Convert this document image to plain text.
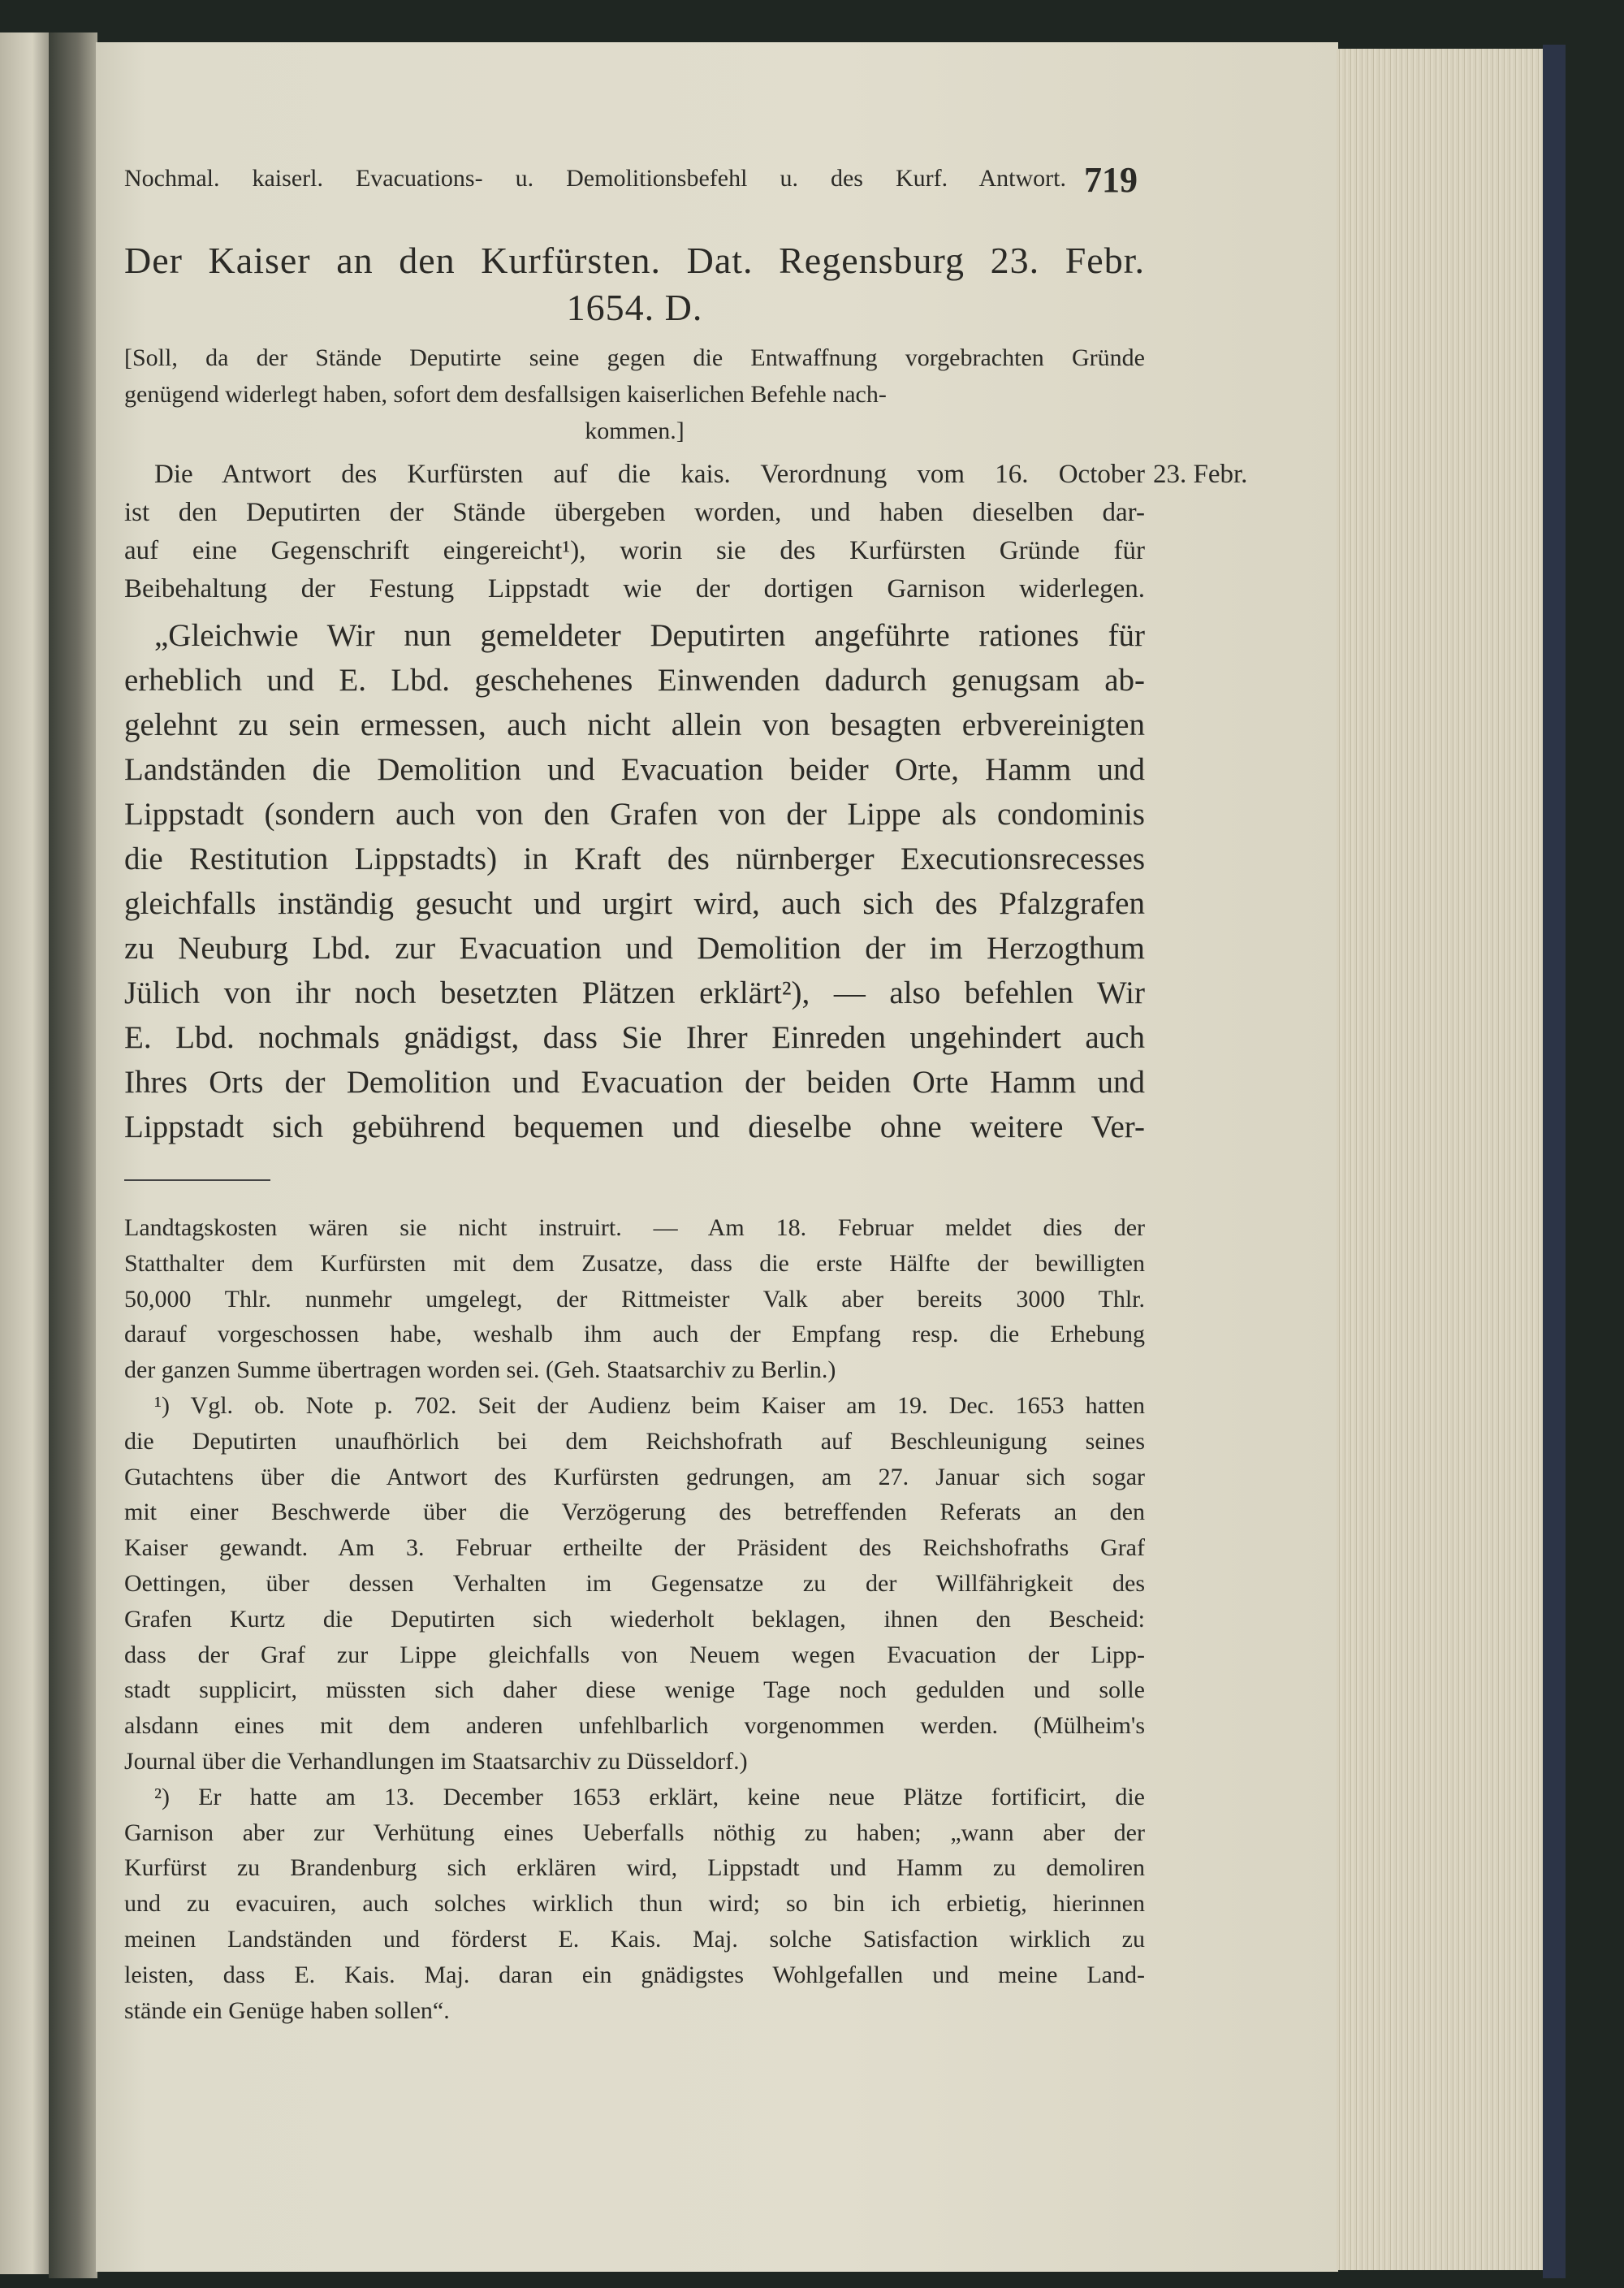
Nochmal. kaiserl. Evacuations- u. Demolitionsbefehl u. des Kurf. Antwort. 719
Der Kaiser an den Kurfürsten. Dat. Regensburg 23. Febr.
1654. D.
[Soll, da der Stände Deputirte seine gegen die Entwaffnung vorgebrachten Gründe
genügend widerlegt haben, sofort dem desfallsigen kaiserlichen Befehle nach-
kommen.]
Die Antwort des Kurfürsten auf die kais. Verordnung vom 16. October
ist den Deputirten der Stände übergeben worden, und haben dieselben dar-
auf eine Gegenschrift eingereicht¹), worin sie des Kurfürsten Gründe für
Beibehaltung der Festung Lippstadt wie der dortigen Garnison widerlegen.
„Gleichwie Wir nun gemeldeter Deputirten angeführte rationes für
erheblich und E. Lbd. geschehenes Einwenden dadurch genugsam ab-
gelehnt zu sein ermessen, auch nicht allein von besagten erbvereinigten
Landständen die Demolition und Evacuation beider Orte, Hamm und
Lippstadt (sondern auch von den Grafen von der Lippe als condominis
die Restitution Lippstadts) in Kraft des nürnberger Executionsrecesses
gleichfalls inständig gesucht und urgirt wird, auch sich des Pfalzgrafen
zu Neuburg Lbd. zur Evacuation und Demolition der im Herzogthum
Jülich von ihr noch besetzten Plätzen erklärt²), — also befehlen Wir
E. Lbd. nochmals gnädigst, dass Sie Ihrer Einreden ungehindert auch
Ihres Orts der Demolition und Evacuation der beiden Orte Hamm und
Lippstadt sich gebührend bequemen und dieselbe ohne weitere Ver-
Landtagskosten wären sie nicht instruirt. — Am 18. Februar meldet dies der
Statthalter dem Kurfürsten mit dem Zusatze, dass die erste Hälfte der bewilligten
50,000 Thlr. nunmehr umgelegt, der Rittmeister Valk aber bereits 3000 Thlr.
darauf vorgeschossen habe, weshalb ihm auch der Empfang resp. die Erhebung
der ganzen Summe übertragen worden sei. (Geh. Staatsarchiv zu Berlin.)
¹) Vgl. ob. Note p. 702. Seit der Audienz beim Kaiser am 19. Dec. 1653 hatten
die Deputirten unaufhörlich bei dem Reichshofrath auf Beschleunigung seines
Gutachtens über die Antwort des Kurfürsten gedrungen, am 27. Januar sich sogar
mit einer Beschwerde über die Verzögerung des betreffenden Referats an den
Kaiser gewandt. Am 3. Februar ertheilte der Präsident des Reichshofraths Graf
Oettingen, über dessen Verhalten im Gegensatze zu der Willfährigkeit des
Grafen Kurtz die Deputirten sich wiederholt beklagen, ihnen den Bescheid:
dass der Graf zur Lippe gleichfalls von Neuem wegen Evacuation der Lipp-
stadt supplicirt, müssten sich daher diese wenige Tage noch gedulden und solle
alsdann eines mit dem anderen unfehlbarlich vorgenommen werden. (Mülheim's
Journal über die Verhandlungen im Staatsarchiv zu Düsseldorf.)
²) Er hatte am 13. December 1653 erklärt, keine neue Plätze fortificirt, die
Garnison aber zur Verhütung eines Ueberfalls nöthig zu haben; „wann aber der
Kurfürst zu Brandenburg sich erklären wird, Lippstadt und Hamm zu demoliren
und zu evacuiren, auch solches wirklich thun wird; so bin ich erbietig, hierinnen
meinen Landständen und förderst E. Kais. Maj. solche Satisfaction wirklich zu
leisten, dass E. Kais. Maj. daran ein gnädigstes Wohlgefallen und meine Land-
stände ein Genüge haben sollen“.
23. Febr.
